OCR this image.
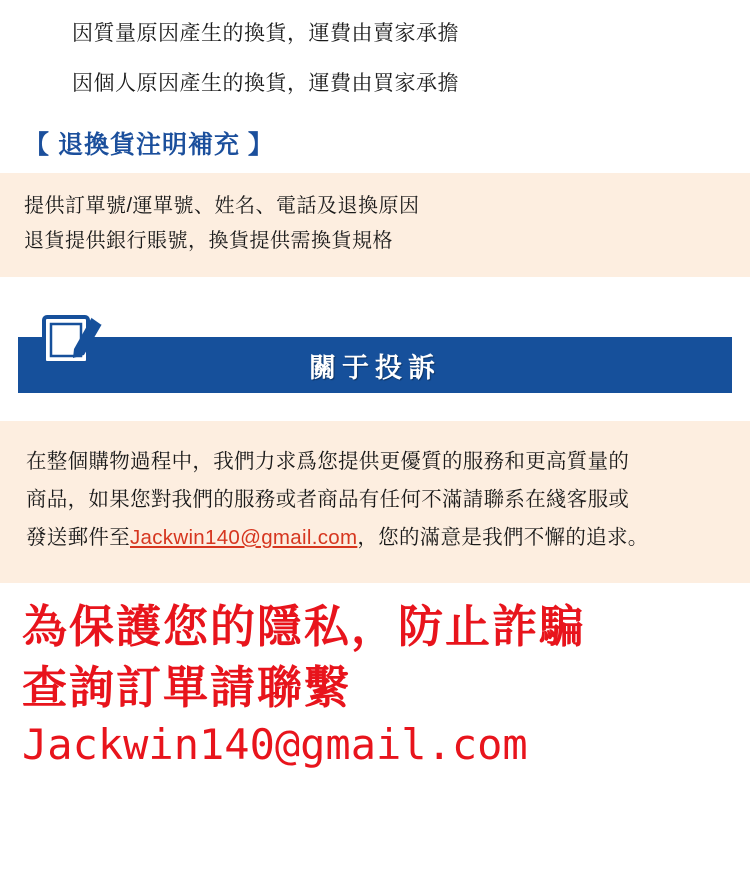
因質量原因產生的換貨，運費由賣家承擔
因個人原因產生的換貨，運費由買家承擔
【 退換貨注明補充 】
提供訂單號/運單號、姓名、電話及退換原因
退貨提供銀行賬號，換貨提供需換貨規格
關于投訴
在整個購物過程中，我們力求爲您提供更優質的服務和更高質量的
商品，如果您對我們的服務或者商品有任何不滿請聯系在綫客服或
發送郵件至Jackwin140@gmail.com，您的滿意是我們不懈的追求。
為保護您的隱私，防止詐騙
查詢訂單請聯繫
Jackwin140@gmail.com
